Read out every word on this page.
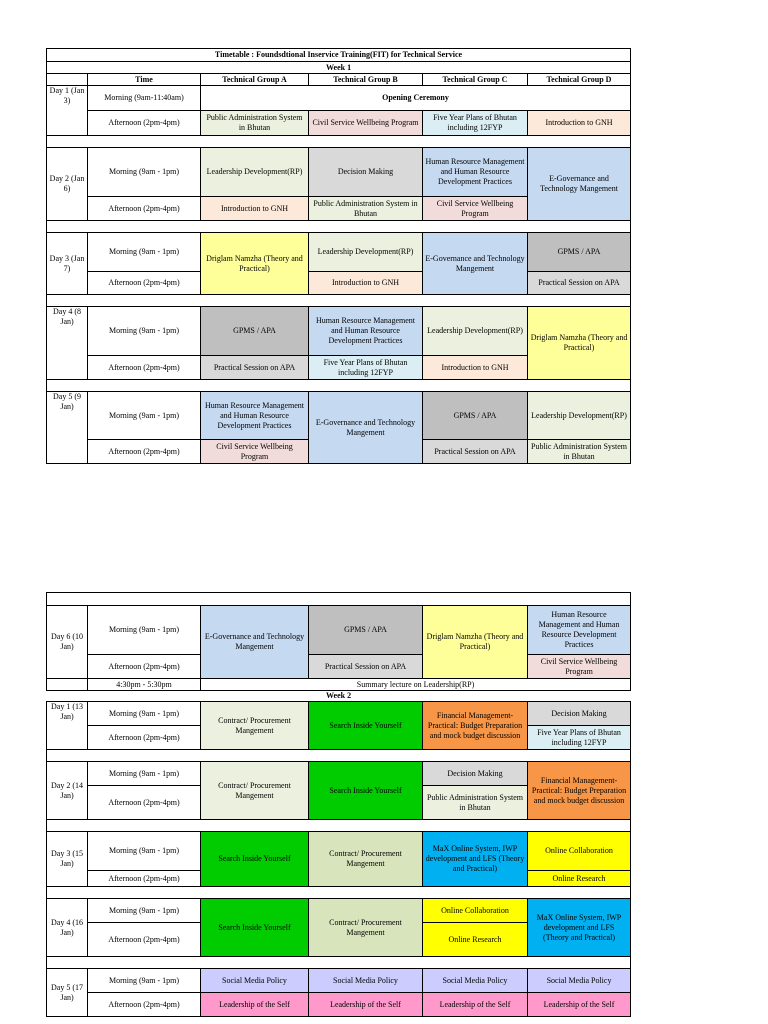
Timetable : Foundsdtional Inservice Training(FIT) for Technical Service					
Week 1					
	Time	Technical Group A	Technical Group B	Technical Group C	Technical Group D
Day 1 (Jan 3)	Morning (9am-11:40am)	Opening Ceremony			
	Afternoon (2pm-4pm)	Public Administration System in Bhutan	Civil Service Wellbeing Program	Five Year Plans of Bhutan including 12FYP	Introduction to GNH

Day 2 (Jan 6)	Morning (9am - 1pm)	Leadership Development(RP)	Decision Making	Human Resource Management and Human Resource Development Practices	E-Governance and Technology Mangement
	Afternoon (2pm-4pm)	Introduction to GNH	Public Administration System in Bhutan	Civil Service Wellbeing Program	

Day 3 (Jan 7)	Morning (9am - 1pm)	Driglam Namzha (Theory and Practical)	Leadership Development(RP)	E-Governance and Technology Mangement	GPMS / APA
	Afternoon (2pm-4pm)		Introduction to GNH		Practical Session on APA

Day 4 (8 Jan)	Morning (9am - 1pm)	GPMS / APA	Human Resource Management and Human Resource Development Practices	Leadership Development(RP)	Driglam Namzha (Theory and Practical)
	Afternoon (2pm-4pm)	Practical Session on APA	Five Year Plans of Bhutan including 12FYP	Introduction to GNH	

Day 5 (9 Jan)	Morning (9am - 1pm)	Human Resource Management and Human Resource Development Practices	E-Governance and Technology Mangement	GPMS / APA	Leadership Development(RP)
	Afternoon (2pm-4pm)	Civil Service Wellbeing Program		Practical Session on APA	Public Administration System in Bhutan

Day 6 (10 Jan)	Morning (9am - 1pm)	E-Governance and Technology Mangement	GPMS / APA	Driglam Namzha (Theory and Practical)	Human Resource Management and Human Resource Development Practices
	Afternoon (2pm-4pm)		Practical Session on APA		Civil Service Wellbeing Program
	4:30pm - 5:30pm	Summary lecture on Leadership(RP)			
Week 2					
Day 1 (13 Jan)	Morning (9am - 1pm)	Contract/ Procurement Mangement	Search Inside Yourself	Financial Management- Practical: Budget Preparation and mock budget discussion	Decision Making
	Afternoon (2pm-4pm)				Five Year Plans of Bhutan including 12FYP

Day 2 (14 Jan)	Morning (9am - 1pm)	Contract/ Procurement Mangement	Search Inside Yourself	Decision Making	Financial Management- Practical: Budget Preparation and mock budget discussion
	Afternoon (2pm-4pm)			Public Administration System in Bhutan	

Day 3 (15 Jan)	Morning (9am - 1pm)	Search Inside Yourself	Contract/ Procurement Mangement	MaX Online System, IWP development and LFS (Theory and Practical)	Online Collaboration
	Afternoon (2pm-4pm)				Online Research

Day 4 (16 Jan)	Morning (9am - 1pm)	Search Inside Yourself	Contract/ Procurement Mangement	Online Collaboration	MaX Online System, IWP development and LFS (Theory and Practical)
	Afternoon (2pm-4pm)			Online Research	

Day 5 (17 Jan)	Morning (9am - 1pm)	Social Media Policy	Social Media Policy	Social Media Policy	Social Media Policy
	Afternoon (2pm-4pm)	Leadership of the Self	Leadership of the Self	Leadership of the Self	Leadership of the Self
